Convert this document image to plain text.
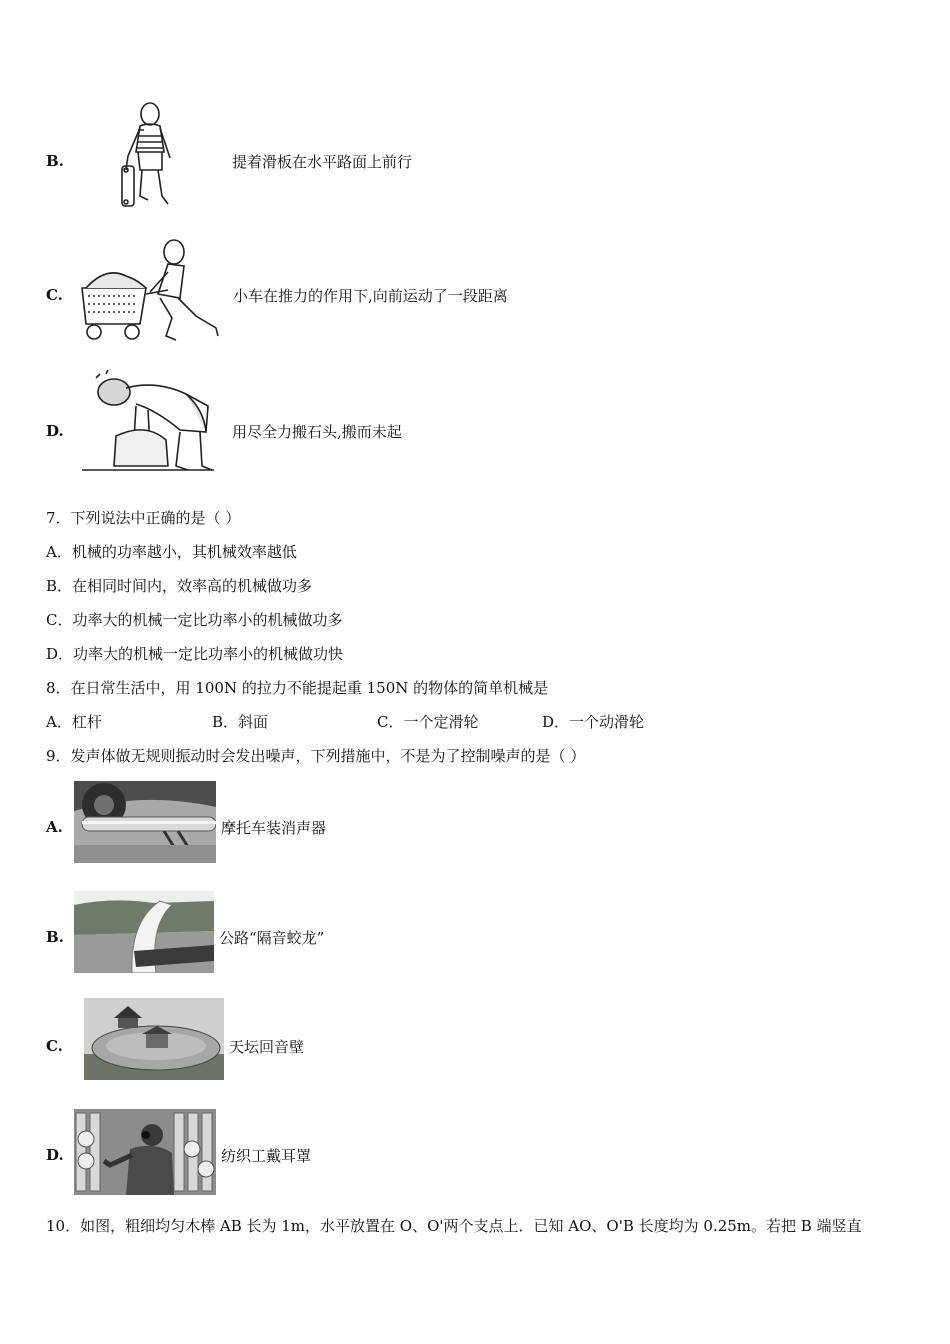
B.	提着滑板在水平路面上前行
C.	小车在推力的作用下,向前运动了一段距离
D.	用尽全力搬石头,搬而未起
7．下列说法中正确的是（ ）
A．机械的功率越小，其机械效率越低
B．在相同时间内，效率高的机械做功多
C．功率大的机械一定比功率小的机械做功多
D．功率大的机械一定比功率小的机械做功快
8．在日常生活中，用 100N 的拉力不能提起重 150N 的物体的简单机械是
A．杠杆	B．斜面	C．一个定滑轮	D．一个动滑轮
9．发声体做无规则振动时会发出噪声，下列措施中，不是为了控制噪声的是（ ）
A.	摩托车装消声器
B.	公路“隔音蛟龙”
C.	天坛回音壁
D.	纺织工戴耳罩
10．如图，粗细均匀木棒 AB 长为 1m，水平放置在 O、O'两个支点上．已知 AO、O'B 长度均为 0.25m。若把 B 端竖直
